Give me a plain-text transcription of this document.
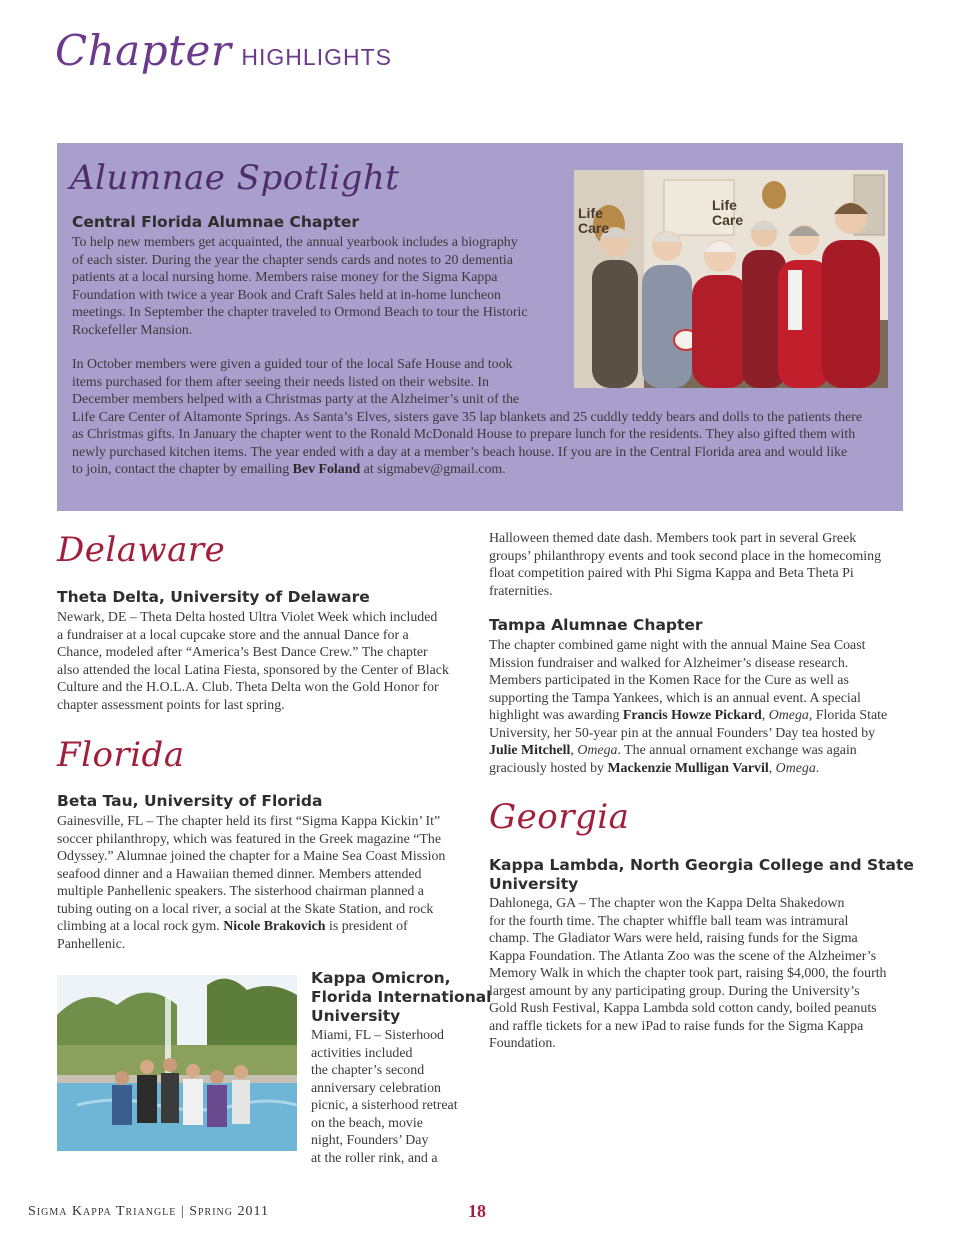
Chapter HIGHLIGHTS
Alumnae Spotlight
Central Florida Alumnae Chapter

To help new members get acquainted, the annual yearbook includes a biography

of each sister. During the year the chapter sends cards and notes to 20 dementia

patients at a local nursing home. Members raise money for the Sigma Kappa

Foundation with twice a year Book and Craft Sales held at in-home luncheon

meetings. In September the chapter traveled to Ormond Beach to tour the Historic

Rockefeller Mansion.

In October members were given a guided tour of the local Safe House and took

items purchased for them after seeing their needs listed on their website. In

December members helped with a Christmas party at the Alzheimer’s unit of the

Life Care Center of Altamonte Springs. As Santa’s Elves, sisters gave 35 lap blankets and 25 cuddly teddy bears and dolls to the patients there

as Christmas gifts. In January the chapter went to the Ronald McDonald House to prepare lunch for the residents. They also gifted them with

newly purchased kitchen items. The year ended with a day at a member’s beach house. If you are in the Central Florida area and would like

to join, contact the chapter by emailing Bev Foland at sigmabev@gmail.com.

Life	Life
Care
Care
Delaware
Theta Delta, University of Delaware

Newark, DE – Theta Delta hosted Ultra Violet Week which included

a fundraiser at a local cupcake store and the annual Dance for a

Chance, modeled after “America’s Best Dance Crew.” The chapter

also attended the local Latina Fiesta, sponsored by the Center of Black

Culture and the H.O.L.A. Club. Theta Delta won the Gold Honor for

chapter assessment points for last spring.

Florida
Beta Tau, University of Florida

Gainesville, FL – The chapter held its first “Sigma Kappa Kickin’ It”

soccer philanthropy, which was featured in the Greek magazine “The

Odyssey.” Alumnae joined the chapter for a Maine Sea Coast Mission

seafood dinner and a Hawaiian themed dinner. Members attended

multiple Panhellenic speakers. The sisterhood chairman planned a

tubing outing on a local river, a social at the Skate Station, and rock

climbing at a local rock gym. Nicole Brakovich is president of

Panhellenic.

Kappa Omicron,

Florida International

University

Miami, FL – Sisterhood

activities included

the chapter’s second

anniversary celebration

picnic, a sisterhood retreat

on the beach, movie

night, Founders’ Day

at the roller rink, and a

Halloween themed date dash. Members took part in several Greek

groups’ philanthropy events and took second place in the homecoming

float competition paired with Phi Sigma Kappa and Beta Theta Pi

fraternities.

Tampa Alumnae Chapter

The chapter combined game night with the annual Maine Sea Coast

Mission fundraiser and walked for Alzheimer’s disease research.

Members participated in the Komen Race for the Cure as well as

supporting the Tampa Yankees, which is an annual event. A special

highlight was awarding Francis Howze Pickard, Omega, Florida State

University, her 50-year pin at the annual Founders’ Day tea hosted by

Julie Mitchell, Omega. The annual ornament exchange was again

graciously hosted by Mackenzie Mulligan Varvil, Omega.

Georgia

Kappa Lambda, North Georgia College and State

University

Dahlonega, GA – The chapter won the Kappa Delta Shakedown

for the fourth time. The chapter whiffle ball team was intramural

champ. The Gladiator Wars were held, raising funds for the Sigma

Kappa Foundation. The Atlanta Zoo was the scene of the Alzheimer’s

Memory Walk in which the chapter took part, raising $4,000, the fourth

largest amount by any participating group. During the University’s

Gold Rush Festival, Kappa Lambda sold cotton candy, boiled peanuts

and raffle tickets for a new iPad to raise funds for the Sigma Kappa

Foundation.

Sigma Kappa Triangle | Spring 2011	18
